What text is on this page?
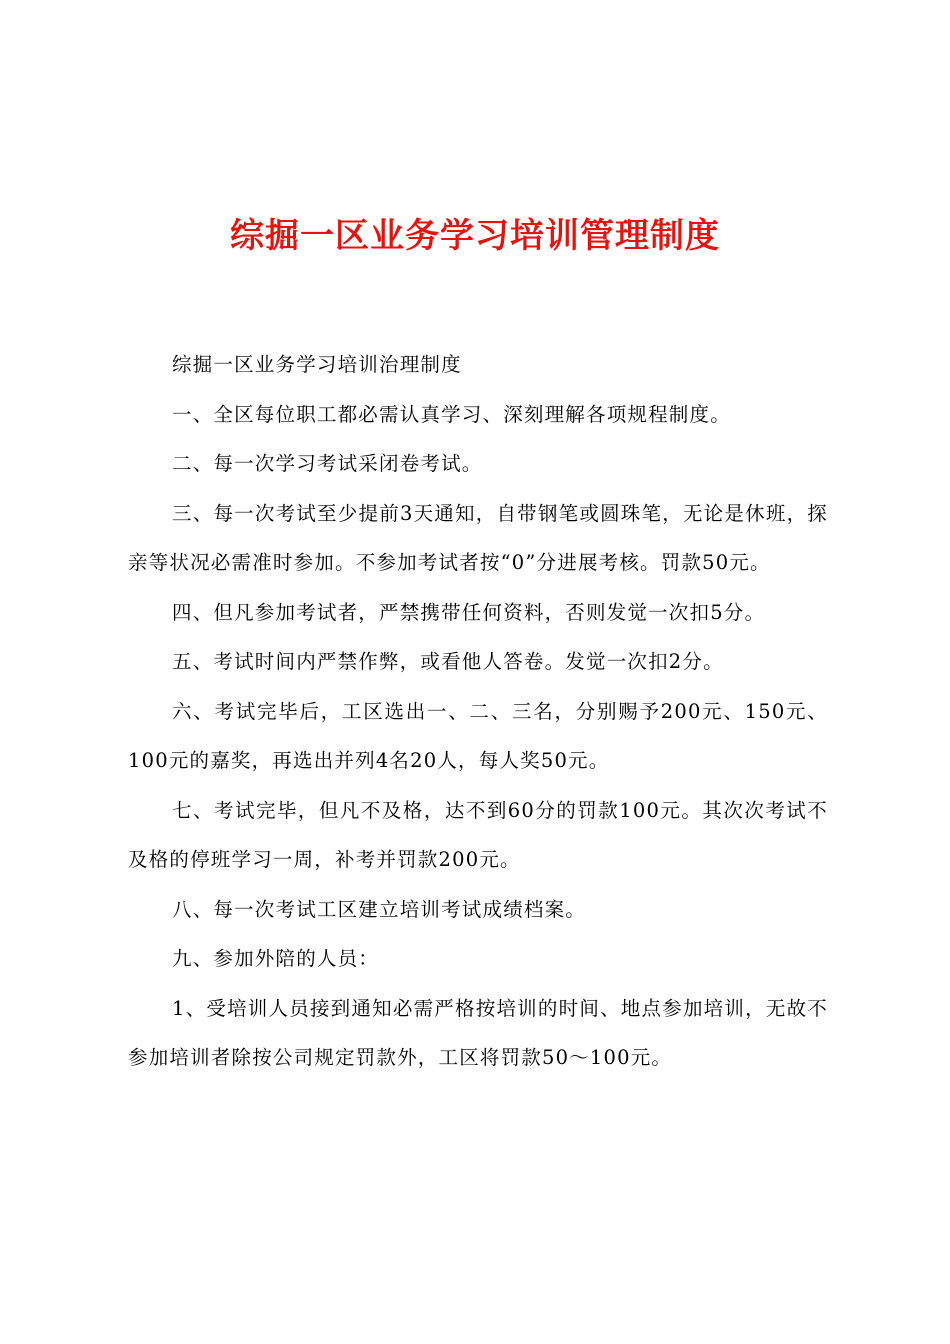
综掘一区业务学习培训管理制度

综掘一区业务学习培训治理制度

一、全区每位职工都必需认真学习、深刻理解各项规程制度。

二、每一次学习考试采闭卷考试。

三、每一次考试至少提前3天通知，自带钢笔或圆珠笔，无论是休班，探亲等状况必需准时参加。不参加考试者按“0”分进展考核。罚款50元。

四、但凡参加考试者，严禁携带任何资料，否则发觉一次扣5分。

五、考试时间内严禁作弊，或看他人答卷。发觉一次扣2分。

六、考试完毕后，工区选出一、二、三名，分别赐予200元、150元、100元的嘉奖，再选出并列4名20人，每人奖50元。

七、考试完毕，但凡不及格，达不到60分的罚款100元。其次次考试不及格的停班学习一周，补考并罚款200元。

八、每一次考试工区建立培训考试成绩档案。

九、参加外陪的人员：

1、受培训人员接到通知必需严格按培训的时间、地点参加培训，无故不参加培训者除按公司规定罚款外，工区将罚款50～100元。
